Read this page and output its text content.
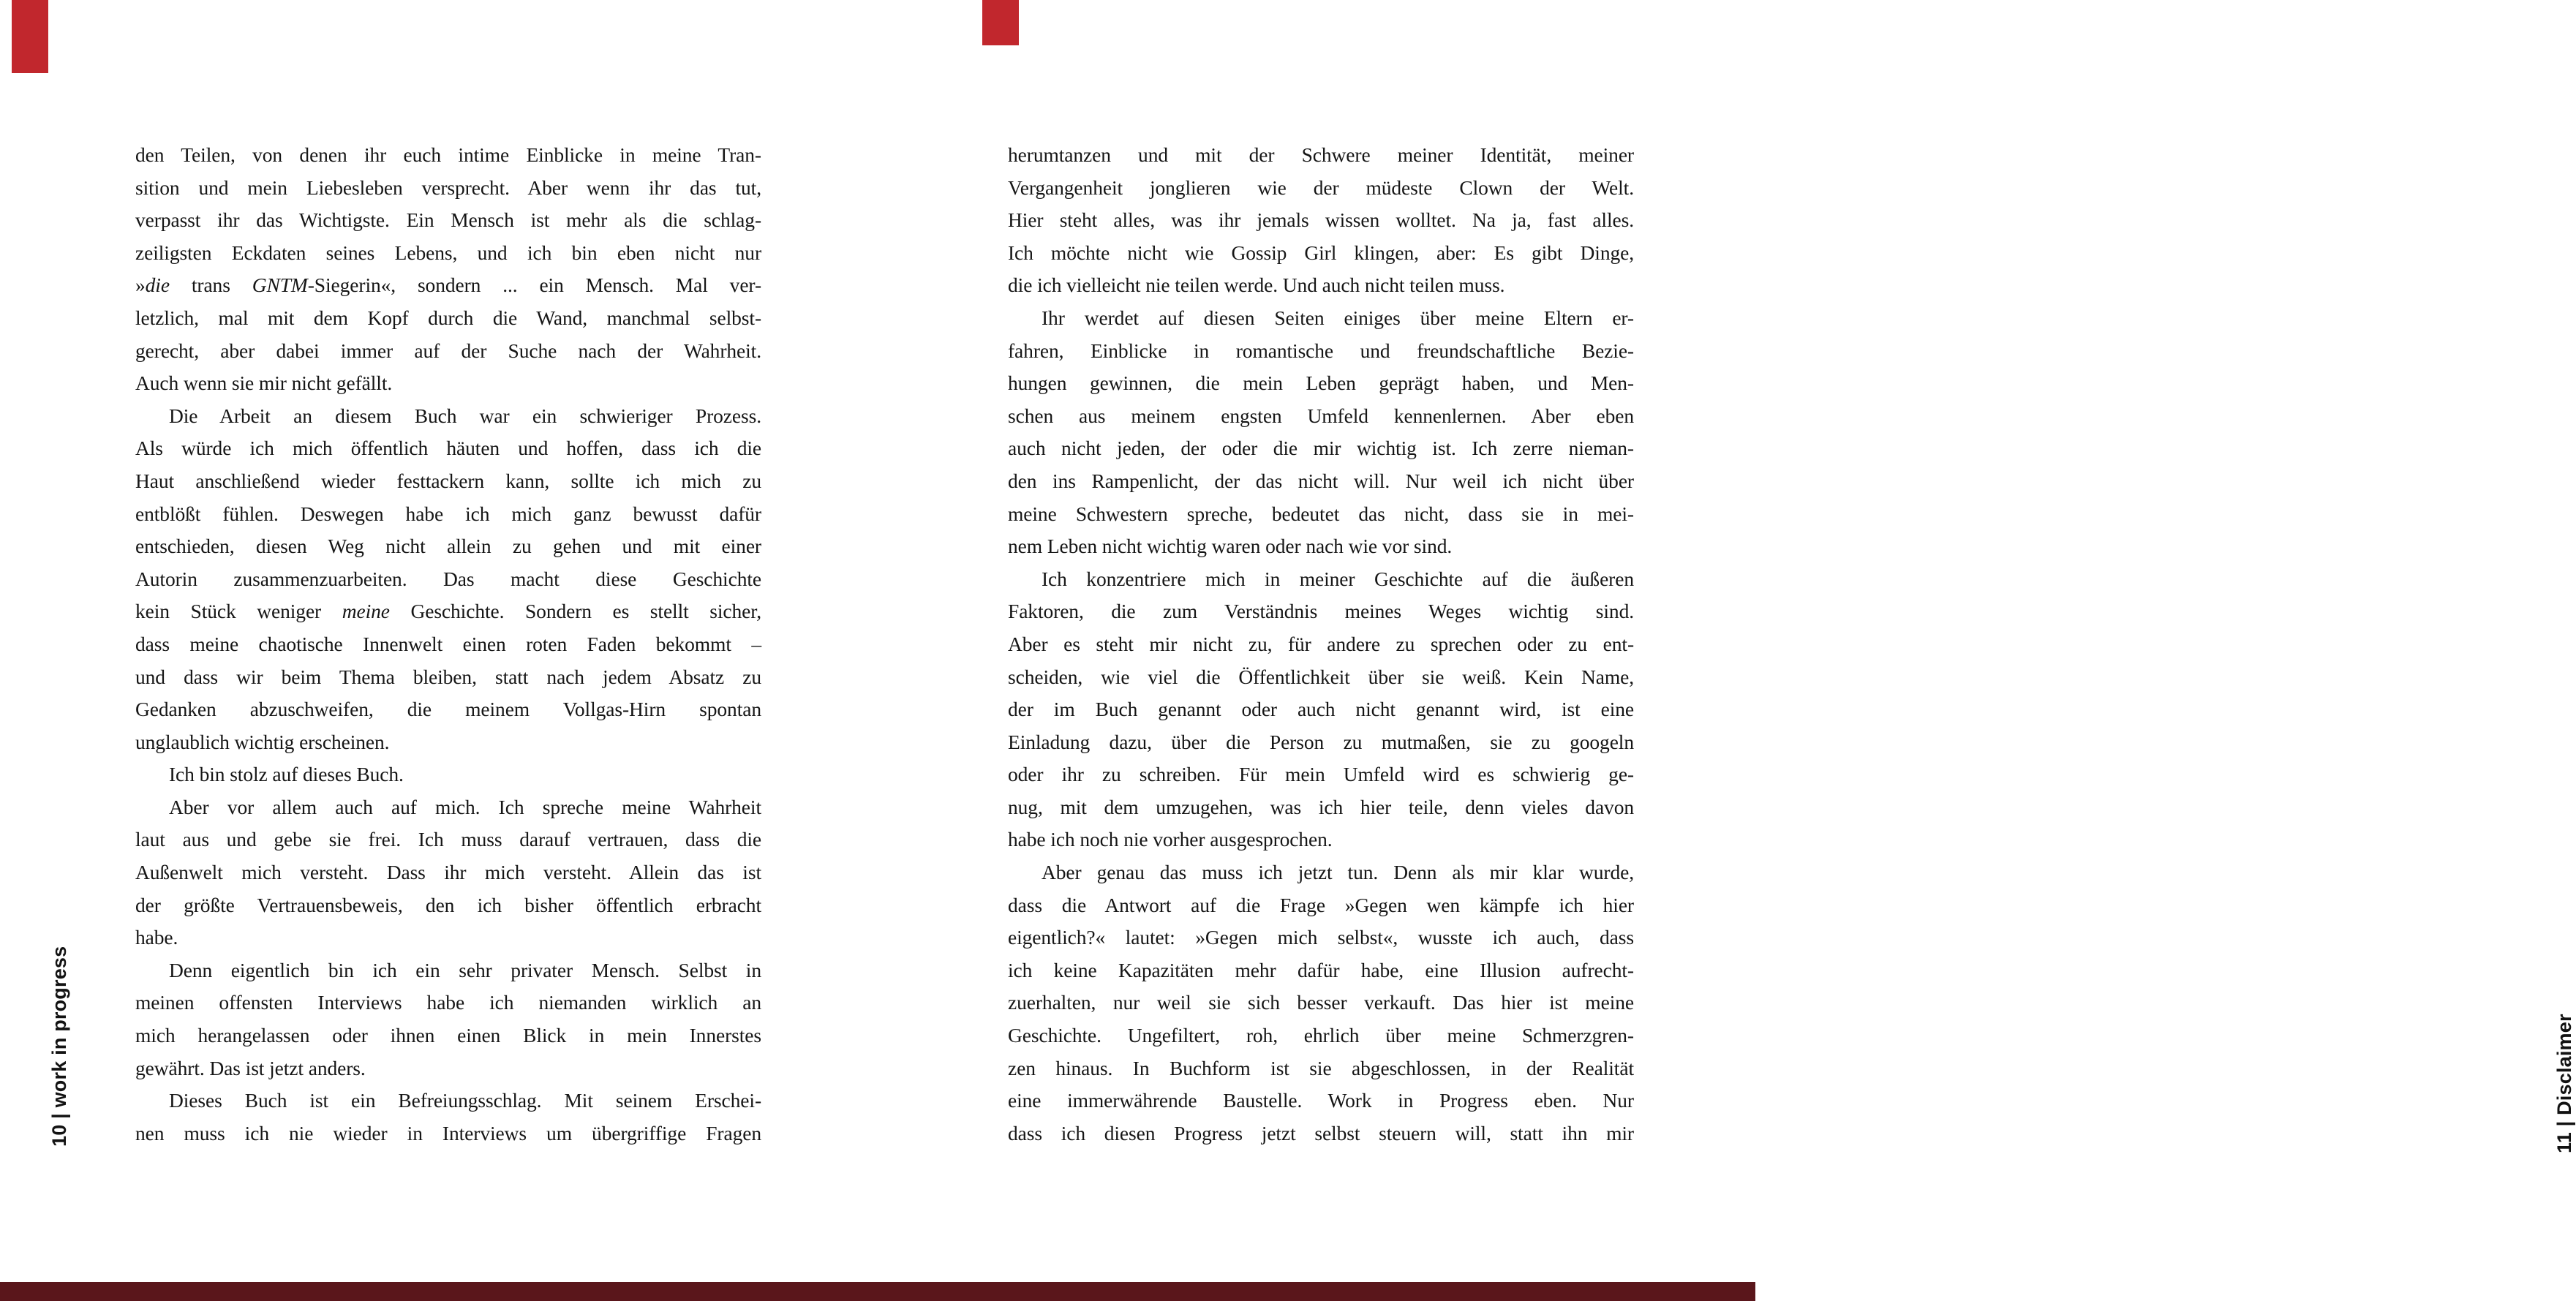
10 | work in progress
den Teilen, von denen ihr euch intime Einblicke in meine Tran-
sition und mein Liebesleben versprecht. Aber wenn ihr das tut,
verpasst ihr das Wichtigste. Ein Mensch ist mehr als die schlag-
zeiligsten Eckdaten seines Lebens, und ich bin eben nicht nur
»die trans GNTM-Siegerin«, sondern ... ein Mensch. Mal ver-
letzlich, mal mit dem Kopf durch die Wand, manchmal selbst-
gerecht, aber dabei immer auf der Suche nach der Wahrheit.
Auch wenn sie mir nicht gefällt.
Die Arbeit an diesem Buch war ein schwieriger Prozess.
Als würde ich mich öffentlich häuten und hoffen, dass ich die
Haut anschließend wieder festtackern kann, sollte ich mich zu
entblößt fühlen. Deswegen habe ich mich ganz bewusst dafür
entschieden, diesen Weg nicht allein zu gehen und mit einer
Autorin zusammenzuarbeiten. Das macht diese Geschichte
kein Stück weniger meine Geschichte. Sondern es stellt sicher,
dass meine chaotische Innenwelt einen roten Faden bekommt –
und dass wir beim Thema bleiben, statt nach jedem Absatz zu
Gedanken abzuschweifen, die meinem Vollgas-Hirn spontan
unglaublich wichtig erscheinen.
Ich bin stolz auf dieses Buch.
Aber vor allem auch auf mich. Ich spreche meine Wahrheit
laut aus und gebe sie frei. Ich muss darauf vertrauen, dass die
Außenwelt mich versteht. Dass ihr mich versteht. Allein das ist
der größte Vertrauensbeweis, den ich bisher öffentlich erbracht
habe.
Denn eigentlich bin ich ein sehr privater Mensch. Selbst in
meinen offensten Interviews habe ich niemanden wirklich an
mich herangelassen oder ihnen einen Blick in mein Innerstes
gewährt. Das ist jetzt anders.
Dieses Buch ist ein Befreiungsschlag. Mit seinem Erschei-
nen muss ich nie wieder in Interviews um übergriffige Fragen	11 | Disclaimer
herumtanzen und mit der Schwere meiner Identität, meiner
Vergangenheit jonglieren wie der müdeste Clown der Welt.
Hier steht alles, was ihr jemals wissen wolltet. Na ja, fast alles.
Ich möchte nicht wie Gossip Girl klingen, aber: Es gibt Dinge,
die ich vielleicht nie teilen werde. Und auch nicht teilen muss.
Ihr werdet auf diesen Seiten einiges über meine Eltern er-
fahren, Einblicke in romantische und freundschaftliche Bezie-
hungen gewinnen, die mein Leben geprägt haben, und Men-
schen aus meinem engsten Umfeld kennenlernen. Aber eben
auch nicht jeden, der oder die mir wichtig ist. Ich zerre nieman-
den ins Rampenlicht, der das nicht will. Nur weil ich nicht über
meine Schwestern spreche, bedeutet das nicht, dass sie in mei-
nem Leben nicht wichtig waren oder nach wie vor sind.
Ich konzentriere mich in meiner Geschichte auf die äußeren
Faktoren, die zum Verständnis meines Weges wichtig sind.
Aber es steht mir nicht zu, für andere zu sprechen oder zu ent-
scheiden, wie viel die Öffentlichkeit über sie weiß. Kein Name,
der im Buch genannt oder auch nicht genannt wird, ist eine
Einladung dazu, über die Person zu mutmaßen, sie zu googeln
oder ihr zu schreiben. Für mein Umfeld wird es schwierig ge-
nug, mit dem umzugehen, was ich hier teile, denn vieles davon
habe ich noch nie vorher ausgesprochen.
Aber genau das muss ich jetzt tun. Denn als mir klar wurde,
dass die Antwort auf die Frage »Gegen wen kämpfe ich hier
eigentlich?« lautet: »Gegen mich selbst«, wusste ich auch, dass
ich keine Kapazitäten mehr dafür habe, eine Illusion aufrecht-
zuerhalten, nur weil sie sich besser verkauft. Das hier ist meine
Geschichte. Ungefiltert, roh, ehrlich über meine Schmerzgren-
zen hinaus. In Buchform ist sie abgeschlossen, in der Realität
eine immerwährende Baustelle. Work in Progress eben. Nur
dass ich diesen Progress jetzt selbst steuern will, statt ihn mir
